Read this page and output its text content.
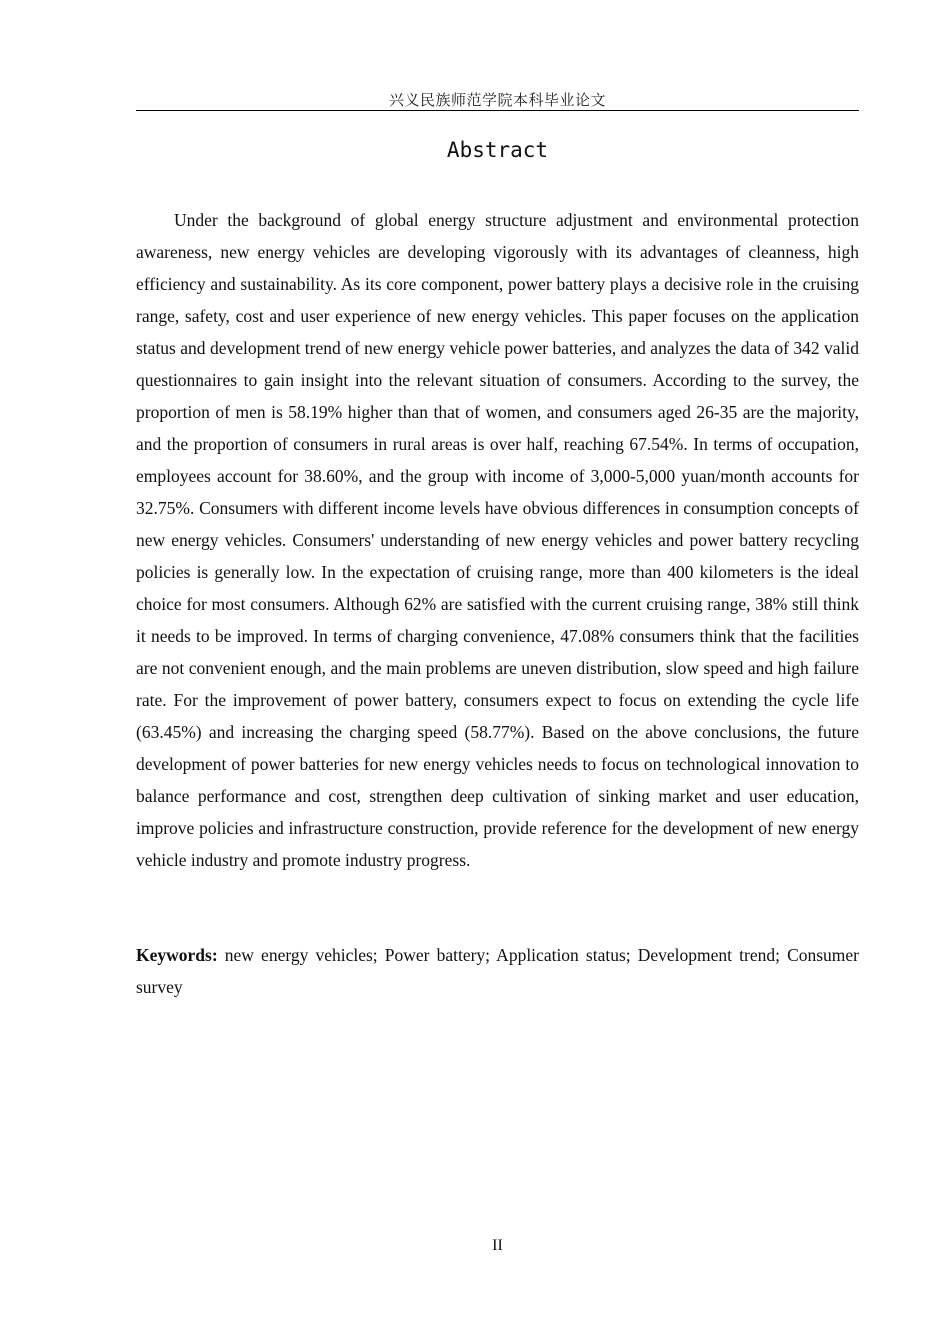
兴义民族师范学院本科毕业论文
Abstract

Under the background of global energy structure adjustment and environmental protection awareness, new energy vehicles are developing vigorously with its advantages of cleanness, high efficiency and sustainability. As its core component, power battery plays a decisive role in the cruising range, safety, cost and user experience of new energy vehicles. This paper focuses on the application status and development trend of new energy vehicle power batteries, and analyzes the data of 342 valid questionnaires to gain insight into the relevant situation of consumers. According to the survey, the proportion of men is 58.19% higher than that of women, and consumers aged 26-35 are the majority, and the proportion of consumers in rural areas is over half, reaching 67.54%. In terms of occupation, employees account for 38.60%, and the group with income of 3,000-5,000 yuan/month accounts for 32.75%. Consumers with different income levels have obvious differences in consumption concepts of new energy vehicles. Consumers' understanding of new energy vehicles and power battery recycling policies is generally low. In the expectation of cruising range, more than 400 kilometers is the ideal choice for most consumers. Although 62% are satisfied with the current cruising range, 38% still think it needs to be improved. In terms of charging convenience, 47.08% consumers think that the facilities are not convenient enough, and the main problems are uneven distribution, slow speed and high failure rate. For the improvement of power battery, consumers expect to focus on extending the cycle life (63.45%) and increasing the charging speed (58.77%). Based on the above conclusions, the future development of power batteries for new energy vehicles needs to focus on technological innovation to balance performance and cost, strengthen deep cultivation of sinking market and user education, improve policies and infrastructure construction, provide reference for the development of new energy vehicle industry and promote industry progress.

Keywords: new energy vehicles; Power battery; Application status; Development trend; Consumer survey

II
